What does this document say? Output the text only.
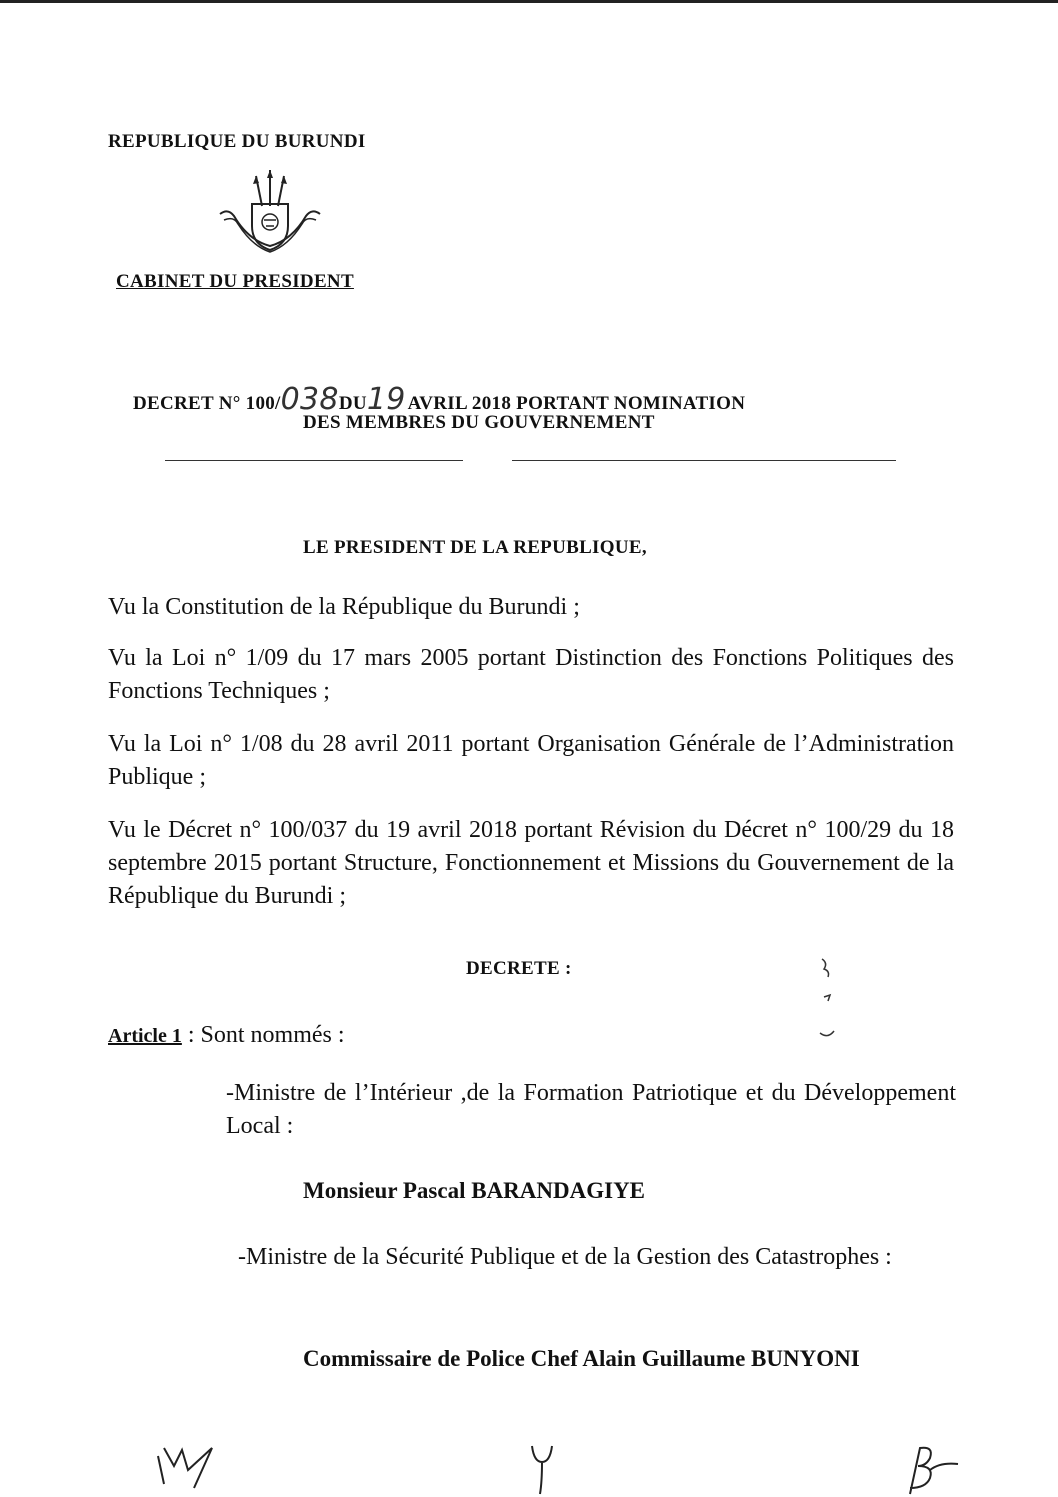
REPUBLIQUE DU BURUNDI
CABINET DU PRESIDENT
DECRET N° 100/038DU19 AVRIL 2018 PORTANT NOMINATION
DES MEMBRES DU GOUVERNEMENT
LE PRESIDENT DE LA REPUBLIQUE,
Vu la Constitution de la République du Burundi ;
Vu la Loi n° 1/09 du 17 mars 2005 portant Distinction des Fonctions Politiques des Fonctions Techniques ;
Vu la Loi n° 1/08 du 28 avril 2011 portant Organisation Générale de l’Administration Publique ;
Vu le Décret n° 100/037 du 19 avril 2018 portant Révision du Décret n° 100/29 du 18 septembre 2015 portant Structure, Fonctionnement et Missions du Gouvernement de la République du Burundi ;
DECRETE :
Article 1 : Sont nommés :
-Ministre de l’Intérieur ,de la Formation Patriotique et du Développement Local :
Monsieur Pascal BARANDAGIYE
-Ministre de la Sécurité Publique et de la Gestion des Catastrophes :
Commissaire de Police Chef Alain Guillaume BUNYONI
